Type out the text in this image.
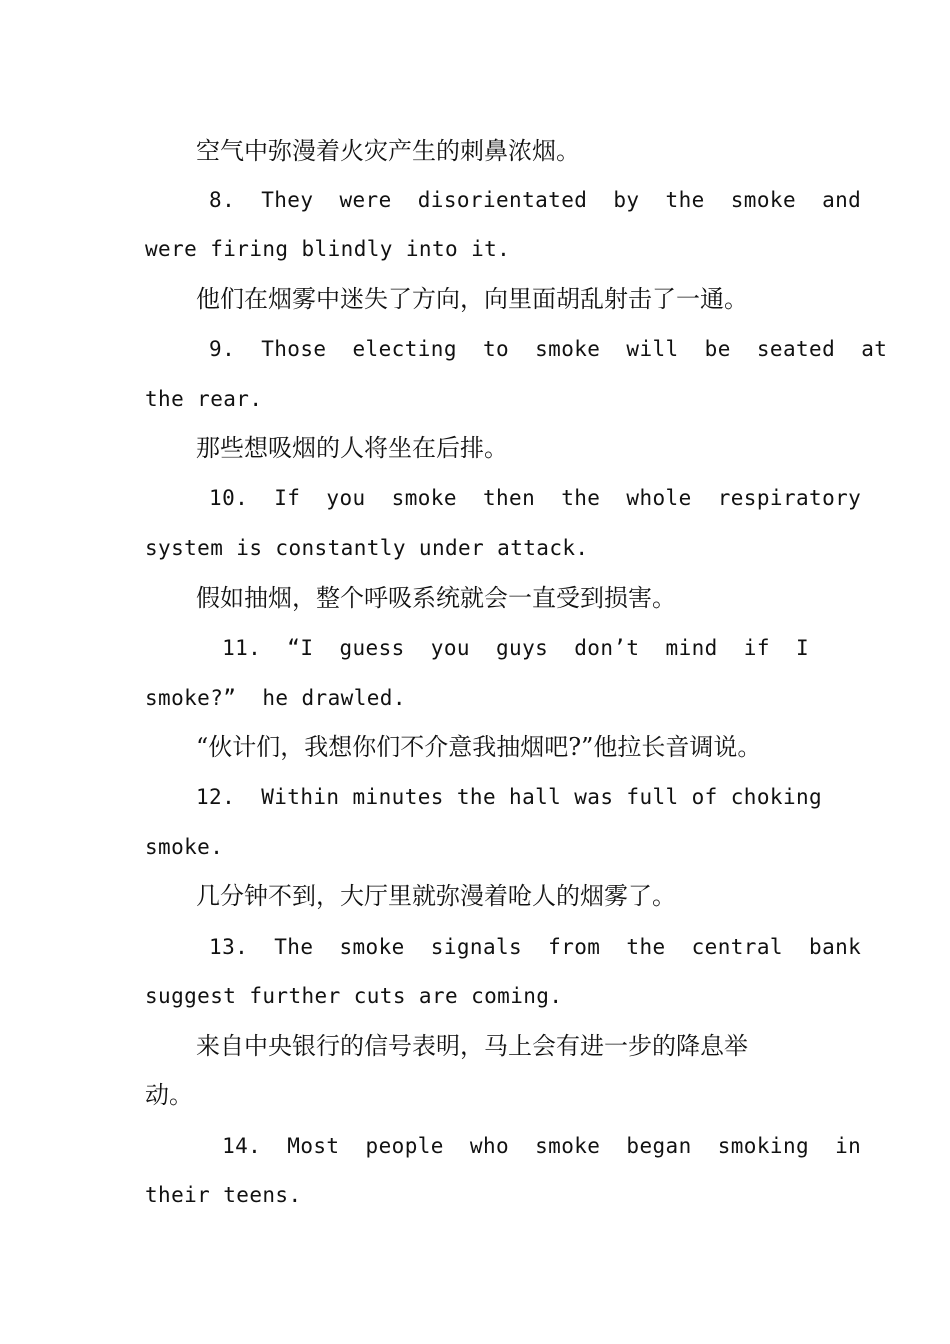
空气中弥漫着火灾产生的刺鼻浓烟。
8.  They  were  disorientated  by  the  smoke  and
were firing blindly into it.
他们在烟雾中迷失了方向，向里面胡乱射击了一通。
9.  Those  electing  to  smoke  will  be  seated  at
the rear.
那些想吸烟的人将坐在后排。
10.  If  you  smoke  then  the  whole  respiratory
system is constantly under attack.
假如抽烟，整个呼吸系统就会一直受到损害。
11.  “I  guess  you  guys  don’t  mind  if  I
smoke?”  he drawled.
“伙计们，我想你们不介意我抽烟吧?”他拉长音调说。
12.  Within minutes the hall was full of choking
smoke.
几分钟不到，大厅里就弥漫着呛人的烟雾了。
13.  The  smoke  signals  from  the  central  bank
suggest further cuts are coming.
来自中央银行的信号表明，马上会有进一步的降息举
动。
14.  Most  people  who  smoke  began  smoking  in
their teens.
